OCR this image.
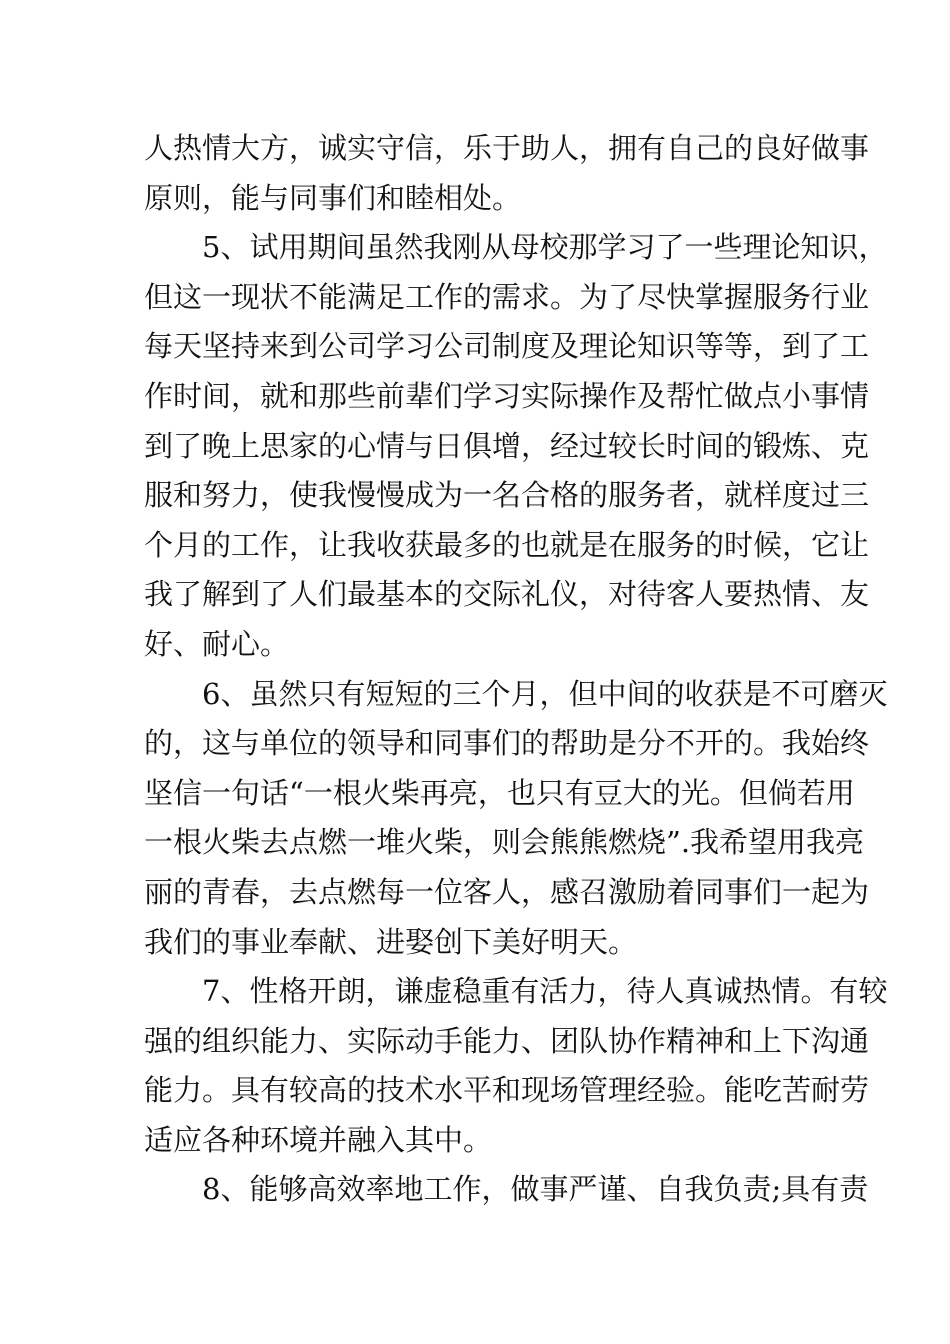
人热情大方，诚实守信，乐于助人，拥有自己的良好做事
原则，能与同事们和睦相处。
5、试用期间虽然我刚从母校那学习了一些理论知识，
但这一现状不能满足工作的需求。为了尽快掌握服务行业
每天坚持来到公司学习公司制度及理论知识等等，到了工
作时间，就和那些前辈们学习实际操作及帮忙做点小事情
到了晚上思家的心情与日俱增，经过较长时间的锻炼、克
服和努力，使我慢慢成为一名合格的服务者，就样度过三
个月的工作，让我收获最多的也就是在服务的时候，它让
我了解到了人们最基本的交际礼仪，对待客人要热情、友
好、耐心。
6、虽然只有短短的三个月，但中间的收获是不可磨灭
的，这与单位的领导和同事们的帮助是分不开的。我始终
坚信一句话“一根火柴再亮，也只有豆大的光。但倘若用
一根火柴去点燃一堆火柴，则会熊熊燃烧”.我希望用我亮
丽的青春，去点燃每一位客人，感召激励着同事们一起为
我们的事业奉献、进娶创下美好明天。
7、性格开朗，谦虚稳重有活力，待人真诚热情。有较
强的组织能力、实际动手能力、团队协作精神和上下沟通
能力。具有较高的技术水平和现场管理经验。能吃苦耐劳
适应各种环境并融入其中。
8、能够高效率地工作，做事严谨、自我负责;具有责
